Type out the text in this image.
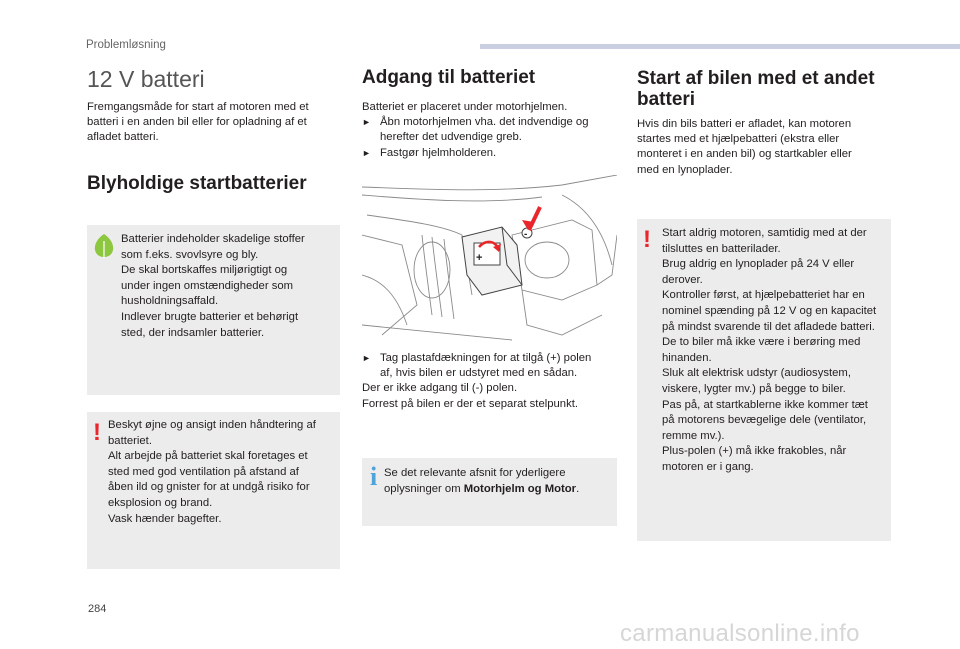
Problemløsning
12 V batteri
Fremgangsmåde for start af motoren med et batteri i en anden bil eller for opladning af et afladet batteri.
Blyholdige startbatterier
Batterier indeholder skadelige stoffer
som f.eks. svovlsyre og bly.
De skal bortskaffes miljørigtigt og
under ingen omstændigheder som
husholdningsaffald.
Indlever brugte batterier et behørigt
sted, der indsamler batterier.
! Beskyt øjne og ansigt inden håndtering af
batteriet.
Alt arbejde på batteriet skal foretages et
sted med god ventilation på afstand af
åben ild og gnister for at undgå risiko for
eksplosion og brand.
Vask hænder bagefter.
Adgang til batteriet
Batteriet er placeret under motorhjelmen.
► Åbn motorhjelmen vha. det indvendige og
herefter det udvendige greb.
► Fastgør hjelmholderen.
+
-
► Tag plastafdækningen for at tilgå (+) polen
af, hvis bilen er udstyret med en sådan.
Der er ikke adgang til (-) polen.
Forrest på bilen er der et separat stelpunkt.
i Se det relevante afsnit for yderligere
oplysninger om Motorhjelm og Motor.
Start af bilen med et andet
batteri
Hvis din bils batteri er afladet, kan motoren
startes med et hjælpebatteri (ekstra eller
monteret i en anden bil) og startkabler eller
med en lynoplader.
! Start aldrig motoren, samtidig med at der
tilsluttes en batterilader.
Brug aldrig en lynoplader på 24 V eller
derover.
Kontroller først, at hjælpebatteriet har en
nominel spænding på 12 V og en kapacitet
på mindst svarende til det afladede batteri.
De to biler må ikke være i berøring med
hinanden.
Sluk alt elektrisk udstyr (audiosystem,
viskere, lygter mv.) på begge to biler.
Pas på, at startkablerne ikke kommer tæt
på motorens bevægelige dele (ventilator,
remme mv.).
Plus-polen (+) må ikke frakobles, når
motoren er i gang.
284
carmanualsonline.info
